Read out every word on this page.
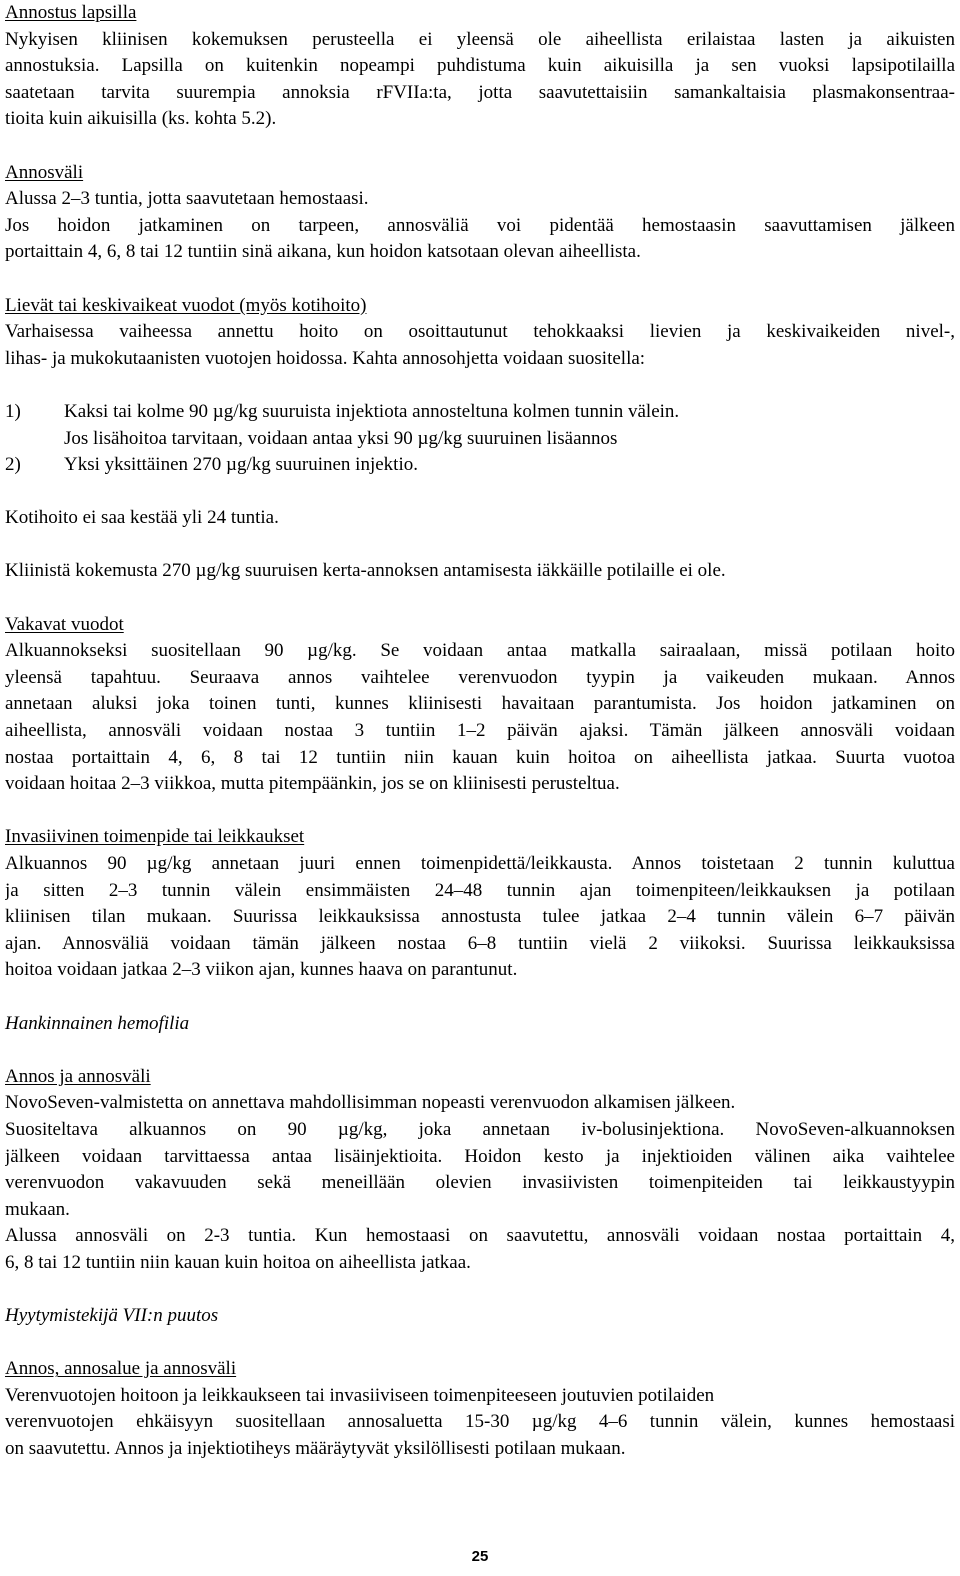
Annostus lapsilla
Nykyisen kliinisen kokemuksen perusteella ei yleensä ole aiheellista erilaistaa lasten ja aikuisten
annostuksia. Lapsilla on kuitenkin nopeampi puhdistuma kuin aikuisilla ja sen vuoksi lapsipotilailla
saatetaan tarvita suurempia annoksia rFVIIa:ta, jotta saavutettaisiin samankaltaisia plasmakonsentraa-
tioita kuin aikuisilla (ks. kohta 5.2).
Annosväli
Alussa 2–3 tuntia, jotta saavutetaan hemostaasi.
Jos hoidon jatkaminen on tarpeen, annosväliä voi pidentää hemostaasin saavuttamisen jälkeen
portaittain 4, 6, 8 tai 12 tuntiin sinä aikana, kun hoidon katsotaan olevan aiheellista.
Lievät tai keskivaikeat vuodot (myös kotihoito)
Varhaisessa vaiheessa annettu hoito on osoittautunut tehokkaaksi lievien ja keskivaikeiden nivel-,
lihas- ja mukokutaanisten vuotojen hoidossa. Kahta annosohjetta voidaan suositella:
1) Kaksi tai kolme 90 µg/kg suuruista injektiota annosteltuna kolmen tunnin välein.
Jos lisähoitoa tarvitaan, voidaan antaa yksi 90 µg/kg suuruinen lisäannos
2) Yksi yksittäinen 270 µg/kg suuruinen injektio.
Kotihoito ei saa kestää yli 24 tuntia.
Kliinistä kokemusta 270 µg/kg suuruisen kerta-annoksen antamisesta iäkkäille potilaille ei ole.
Vakavat vuodot
Alkuannokseksi suositellaan 90 µg/kg. Se voidaan antaa matkalla sairaalaan, missä potilaan hoito
yleensä tapahtuu. Seuraava annos vaihtelee verenvuodon tyypin ja vaikeuden mukaan. Annos
annetaan aluksi joka toinen tunti, kunnes kliinisesti havaitaan parantumista. Jos hoidon jatkaminen on
aiheellista, annosväli voidaan nostaa 3 tuntiin 1–2 päivän ajaksi. Tämän jälkeen annosväli voidaan
nostaa portaittain 4, 6, 8 tai 12 tuntiin niin kauan kuin hoitoa on aiheellista jatkaa. Suurta vuotoa
voidaan hoitaa 2–3 viikkoa, mutta pitempäänkin, jos se on kliinisesti perusteltua.
Invasiivinen toimenpide tai leikkaukset
Alkuannos 90 µg/kg annetaan juuri ennen toimenpidettä/leikkausta. Annos toistetaan 2 tunnin kuluttua
ja sitten 2–3 tunnin välein ensimmäisten 24–48 tunnin ajan toimenpiteen/leikkauksen ja potilaan
kliinisen tilan mukaan. Suurissa leikkauksissa annostusta tulee jatkaa 2–4 tunnin välein 6–7 päivän
ajan. Annosväliä voidaan tämän jälkeen nostaa 6–8 tuntiin vielä 2 viikoksi. Suurissa leikkauksissa
hoitoa voidaan jatkaa 2–3 viikon ajan, kunnes haava on parantunut.
Hankinnainen hemofilia
Annos ja annosväli
NovoSeven-valmistetta on annettava mahdollisimman nopeasti verenvuodon alkamisen jälkeen.
Suositeltava alkuannos on 90 µg/kg, joka annetaan iv-bolusinjektiona. NovoSeven-alkuannoksen
jälkeen voidaan tarvittaessa antaa lisäinjektioita. Hoidon kesto ja injektioiden välinen aika vaihtelee
verenvuodon vakavuuden sekä meneillään olevien invasiivisten toimenpiteiden tai leikkaustyypin
mukaan.
Alussa annosväli on 2-3 tuntia. Kun hemostaasi on saavutettu, annosväli voidaan nostaa portaittain 4,
6, 8 tai 12 tuntiin niin kauan kuin hoitoa on aiheellista jatkaa.
Hyytymistekijä VII:n puutos
Annos, annosalue ja annosväli
Verenvuotojen hoitoon ja leikkaukseen tai invasiiviseen toimenpiteeseen joutuvien potilaiden
verenvuotojen ehkäisyyn suositellaan annosaluetta 15-30 µg/kg 4–6 tunnin välein, kunnes hemostaasi
on saavutettu. Annos ja injektiotiheys määräytyvät yksilöllisesti potilaan mukaan.
25
